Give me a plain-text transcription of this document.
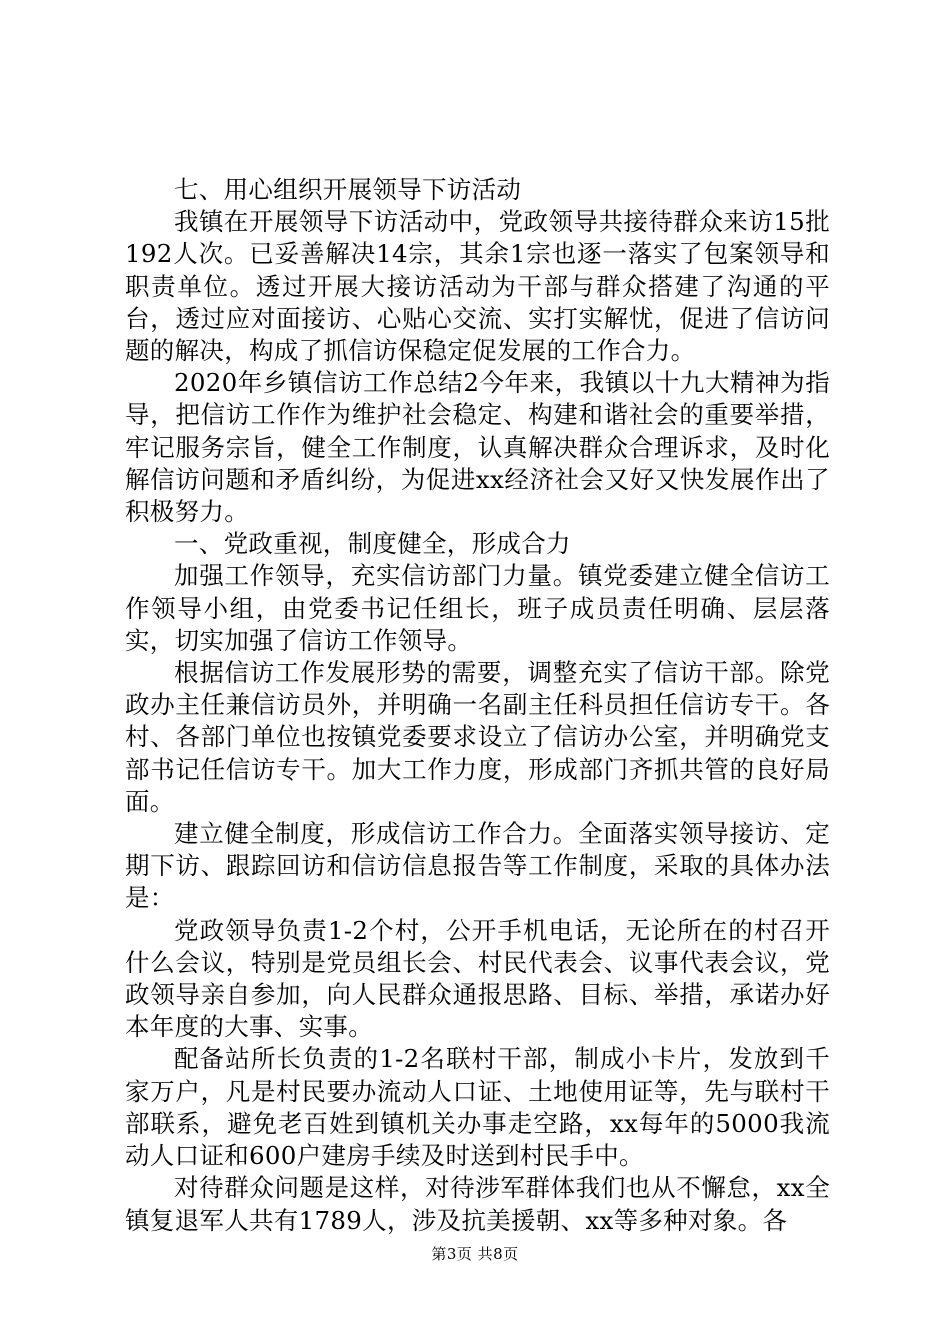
七、用心组织开展领导下访活动

我镇在开展领导下访活动中，党政领导共接待群众来访15批192人次。已妥善解决14宗，其余1宗也逐一落实了包案领导和职责单位。透过开展大接访活动为干部与群众搭建了沟通的平台，透过应对面接访、心贴心交流、实打实解忧，促进了信访问题的解决，构成了抓信访保稳定促发展的工作合力。

2020年乡镇信访工作总结2今年来，我镇以十九大精神为指导，把信访工作作为维护社会稳定、构建和谐社会的重要举措，牢记服务宗旨，健全工作制度，认真解决群众合理诉求，及时化解信访问题和矛盾纠纷，为促进xx经济社会又好又快发展作出了积极努力。

一、党政重视，制度健全，形成合力

加强工作领导，充实信访部门力量。镇党委建立健全信访工作领导小组，由党委书记任组长，班子成员责任明确、层层落实，切实加强了信访工作领导。

根据信访工作发展形势的需要，调整充实了信访干部。除党政办主任兼信访员外，并明确一名副主任科员担任信访专干。各村、各部门单位也按镇党委要求设立了信访办公室，并明确党支部书记任信访专干。加大工作力度，形成部门齐抓共管的良好局面。

建立健全制度，形成信访工作合力。全面落实领导接访、定期下访、跟踪回访和信访信息报告等工作制度，采取的具体办法是：

党政领导负责1-2个村，公开手机电话，无论所在的村召开什么会议，特别是党员组长会、村民代表会、议事代表会议，党政领导亲自参加，向人民群众通报思路、目标、举措，承诺办好本年度的大事、实事。

配备站所长负责的1-2名联村干部，制成小卡片，发放到千家万户，凡是村民要办流动人口证、土地使用证等，先与联村干部联系，避免老百姓到镇机关办事走空路，xx每年的5000我流动人口证和600户建房手续及时送到村民手中。

对待群众问题是这样，对待涉军群体我们也从不懈怠，xx全镇复退军人共有1789人，涉及抗美援朝、xx等多种对象。各

第3页 共8页
